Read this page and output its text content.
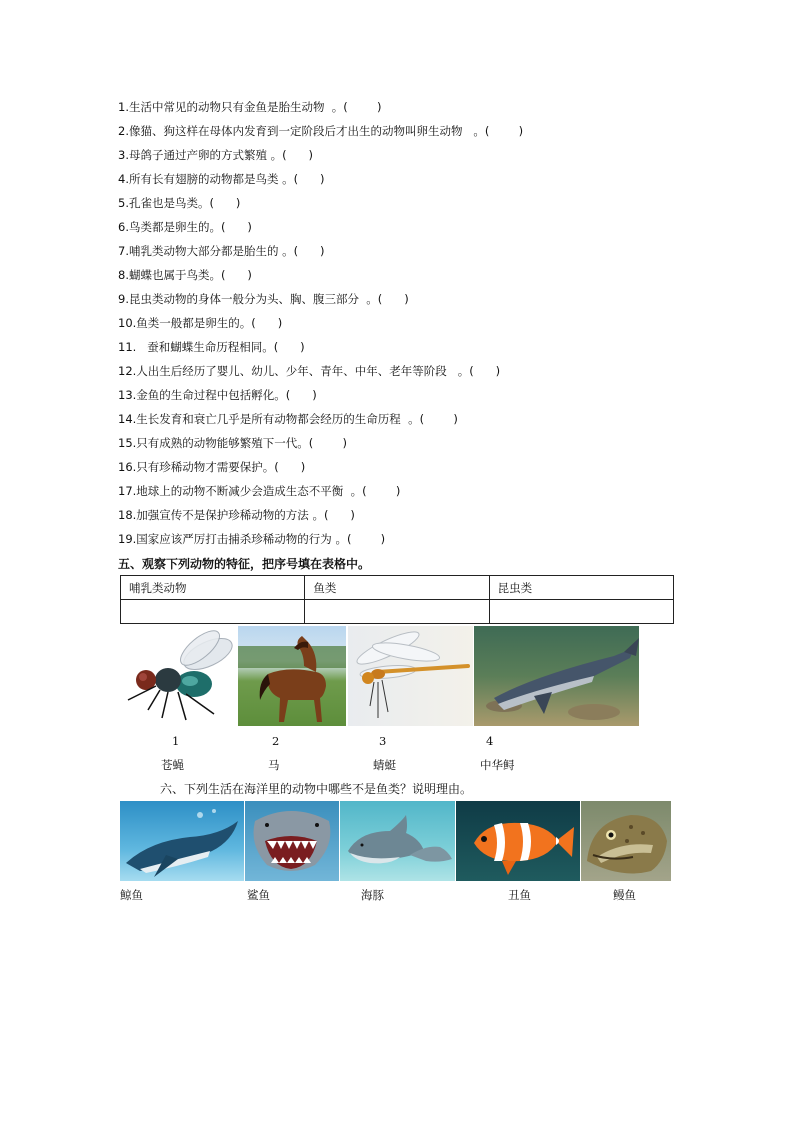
1.生活中常见的动物只有金鱼是胎生动物  。(        )
2.像猫、狗这样在母体内发育到一定阶段后才出生的动物叫卵生动物   。(        )
3.母鸽子通过产卵的方式繁殖 。(      )
4.所有长有翅膀的动物都是鸟类 。(      )
5.孔雀也是鸟类。(      )
6.鸟类都是卵生的。(      )
7.哺乳类动物大部分都是胎生的 。(      )
8.蝴蝶也属于鸟类。(      )
9.昆虫类动物的身体一般分为头、胸、腹三部分  。(      )
10.鱼类一般都是卵生的。(      )
11.   蚕和蝴蝶生命历程相同。(      )
12.人出生后经历了婴儿、幼儿、少年、青年、中年、老年等阶段   。(      )
13.金鱼的生命过程中包括孵化。(      )
14.生长发育和衰亡几乎是所有动物都会经历的生命历程  。(        )
15.只有成熟的动物能够繁殖下一代。(        )
16.只有珍稀动物才需要保护。(      )
17.地球上的动物不断减少会造成生态不平衡  。(        )
18.加强宣传不是保护珍稀动物的方法 。(      )
19.国家应该严厉打击捕杀珍稀动物的行为 。(        )
五、观察下列动物的特征，把序号填在表格中。
哺乳类动物	鱼类	昆虫类

1	2	3	4
苍蝇	马	蜻蜓	中华鲟
六、下列生活在海洋里的动物中哪些不是鱼类？说明理由。
鲸鱼	鲨鱼	海豚	丑鱼	鳗鱼
